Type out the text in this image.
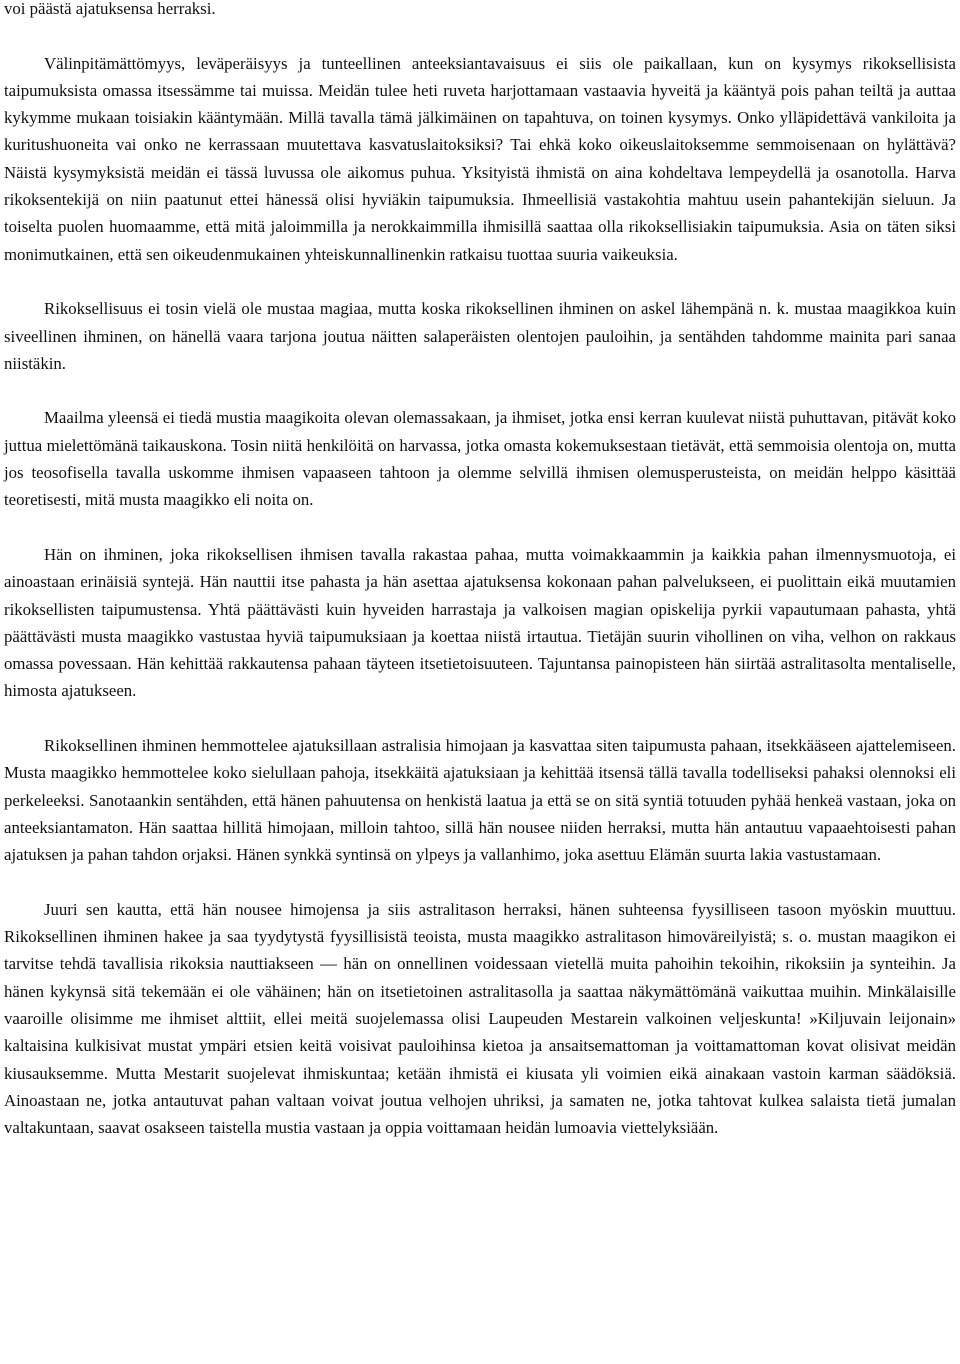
voi päästä ajatuksensa herraksi.

Välinpitämättömyys, leväperäisyys ja tunteellinen anteeksiantavaisuus ei siis ole paikallaan, kun on kysymys rikoksellisista taipumuksista omassa itsessämme tai muissa. Meidän tulee heti ruveta harjottamaan vastaavia hyveitä ja kääntyä pois pahan teiltä ja auttaa kykymme mukaan toisiakin kääntymään. Millä tavalla tämä jälkimäinen on tapahtuva, on toinen kysymys. Onko ylläpidettävä vankiloita ja kuritushuoneita vai onko ne kerrassaan muutettava kasvatuslaitoksiksi? Tai ehkä koko oikeuslaitoksemme semmoisenaan on hylättävä? Näistä kysymyksistä meidän ei tässä luvussa ole aikomus puhua. Yksityistä ihmistä on aina kohdeltava lempeydellä ja osanotolla. Harva rikoksentekijä on niin paatunut ettei hänessä olisi hyviäkin taipumuksia. Ihmeellisiä vastakohtia mahtuu usein pahantekijän sieluun. Ja toiselta puolen huomaamme, että mitä jaloimmilla ja nerokkaimmilla ihmisillä saattaa olla rikoksellisiakin taipumuksia. Asia on täten siksi monimutkainen, että sen oikeudenmukainen yhteiskunnallinenkin ratkaisu tuottaa suuria vaikeuksia.

Rikoksellisuus ei tosin vielä ole mustaa magiaa, mutta koska rikoksellinen ihminen on askel lähempänä n. k. mustaa maagikkoa kuin siveellinen ihminen, on hänellä vaara tarjona joutua näitten salaperäisten olentojen pauloihin, ja sentähden tahdomme mainita pari sanaa niistäkin.

Maailma yleensä ei tiedä mustia maagikoita olevan olemassakaan, ja ihmiset, jotka ensi kerran kuulevat niistä puhuttavan, pitävät koko juttua mielettömänä taikauskona. Tosin niitä henkilöitä on harvassa, jotka omasta kokemuksestaan tietävät, että semmoisia olentoja on, mutta jos teosofisella tavalla uskomme ihmisen vapaaseen tahtoon ja olemme selvillä ihmisen olemusperusteista, on meidän helppo käsittää teoretisesti, mitä musta maagikko eli noita on.

Hän on ihminen, joka rikoksellisen ihmisen tavalla rakastaa pahaa, mutta voimakkaammin ja kaikkia pahan ilmennysmuotoja, ei ainoastaan erinäisiä syntejä. Hän nauttii itse pahasta ja hän asettaa ajatuksensa kokonaan pahan palvelukseen, ei puolittain eikä muutamien rikoksellisten taipumustensa. Yhtä päättävästi kuin hyveiden harrastaja ja valkoisen magian opiskelija pyrkii vapautumaan pahasta, yhtä päättävästi musta maagikko vastustaa hyviä taipumuksiaan ja koettaa niistä irtautua. Tietäjän suurin vihollinen on viha, velhon on rakkaus omassa povessaan. Hän kehittää rakkautensa pahaan täyteen itsetietoisuuteen. Tajuntansa painopisteen hän siirtää astralitasolta mentaliselle, himosta ajatukseen.

Rikoksellinen ihminen hemmottelee ajatuksillaan astralisia himojaan ja kasvattaa siten taipumusta pahaan, itsekkääseen ajattelemiseen. Musta maagikko hemmottelee koko sielullaan pahoja, itsekkäitä ajatuksiaan ja kehittää itsensä tällä tavalla todelliseksi pahaksi olennoksi eli perkeleeksi. Sanotaankin sentähden, että hänen pahuutensa on henkistä laatua ja että se on sitä syntiä totuuden pyhää henkeä vastaan, joka on anteeksiantamaton. Hän saattaa hillitä himojaan, milloin tahtoo, sillä hän nousee niiden herraksi, mutta hän antautuu vapaaehtoisesti pahan ajatuksen ja pahan tahdon orjaksi. Hänen synkkä syntinsä on ylpeys ja vallanhimo, joka asettuu Elämän suurta lakia vastustamaan.

Juuri sen kautta, että hän nousee himojensa ja siis astralitason herraksi, hänen suhteensa fyysilliseen tasoon myöskin muuttuu. Rikoksellinen ihminen hakee ja saa tyydytystä fyysillisistä teoista, musta maagikko astralitason himoväreilyistä; s. o. mustan maagikon ei tarvitse tehdä tavallisia rikoksia nauttiakseen — hän on onnellinen voidessaan vietellä muita pahoihin tekoihin, rikoksiin ja synteihin. Ja hänen kykynsä sitä tekemään ei ole vähäinen; hän on itsetietoinen astralitasolla ja saattaa näkymättömänä vaikuttaa muihin. Minkälaisille vaaroille olisimme me ihmiset alttiit, ellei meitä suojelemassa olisi Laupeuden Mestarein valkoinen veljeskunta! »Kiljuvain leijonain» kaltaisina kulkisivat mustat ympäri etsien keitä voisivat pauloihinsa kietoa ja ansaitsemattoman ja voittamattoman kovat olisivat meidän kiusauksemme. Mutta Mestarit suojelevat ihmiskuntaa; ketään ihmistä ei kiusata yli voimien eikä ainakaan vastoin karman säädöksiä. Ainoastaan ne, jotka antautuvat pahan valtaan voivat joutua velhojen uhriksi, ja samaten ne, jotka tahtovat kulkea salaista tietä jumalan valtakuntaan, saavat osakseen taistella mustia vastaan ja oppia voittamaan heidän lumoavia viettelyksiään.
